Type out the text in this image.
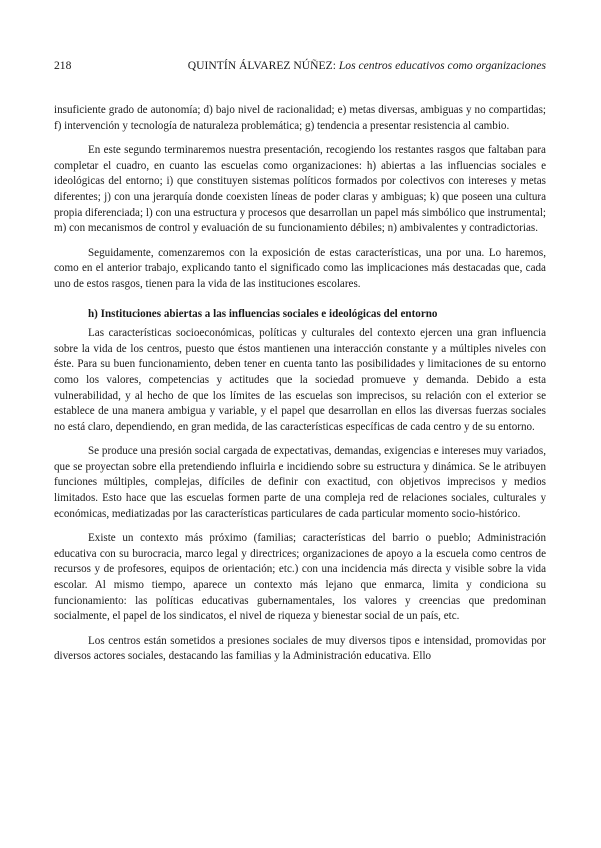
218	QUINTÍN ÁLVAREZ NÚÑEZ: Los centros educativos como organizaciones

insuficiente grado de autonomía; d) bajo nivel de racionalidad; e) metas diversas, ambiguas y no compartidas; f) intervención y tecnología de naturaleza problemática; g) tendencia a presentar resistencia al cambio.

En este segundo terminaremos nuestra presentación, recogiendo los restantes rasgos que faltaban para completar el cuadro, en cuanto las escuelas como organizaciones: h) abiertas a las influencias sociales e ideológicas del entorno; i) que constituyen sistemas políticos formados por colectivos con intereses y metas diferentes; j) con una jerarquía donde coexisten líneas de poder claras y ambiguas; k) que poseen una cultura propia diferenciada; l) con una estructura y procesos que desarrollan un papel más simbólico que instrumental; m) con mecanismos de control y evaluación de su funcionamiento débiles; n) ambivalentes y contradictorias.

Seguidamente, comenzaremos con la exposición de estas características, una por una. Lo haremos, como en el anterior trabajo, explicando tanto el significado como las implicaciones más destacadas que, cada uno de estos rasgos, tienen para la vida de las instituciones escolares.

h) Instituciones abiertas a las influencias sociales e ideológicas del entorno

Las características socioeconómicas, políticas y culturales del contexto ejercen una gran influencia sobre la vida de los centros, puesto que éstos mantienen una interacción constante y a múltiples niveles con éste. Para su buen funcionamiento, deben tener en cuenta tanto las posibilidades y limitaciones de su entorno como los valores, competencias y actitudes que la sociedad promueve y demanda. Debido a esta vulnerabilidad, y al hecho de que los límites de las escuelas son imprecisos, su relación con el exterior se establece de una manera ambigua y variable, y el papel que desarrollan en ellos las diversas fuerzas sociales no está claro, dependiendo, en gran medida, de las características específicas de cada centro y de su entorno.

Se produce una presión social cargada de expectativas, demandas, exigencias e intereses muy variados, que se proyectan sobre ella pretendiendo influirla e incidiendo sobre su estructura y dinámica. Se le atribuyen funciones múltiples, complejas, difíciles de definir con exactitud, con objetivos imprecisos y medios limitados. Esto hace que las escuelas formen parte de una compleja red de relaciones sociales, culturales y económicas, mediatizadas por las características particulares de cada particular momento socio-histórico.

Existe un contexto más próximo (familias; características del barrio o pueblo; Administración educativa con su burocracia, marco legal y directrices; organizaciones de apoyo a la escuela como centros de recursos y de profesores, equipos de orientación; etc.) con una incidencia más directa y visible sobre la vida escolar. Al mismo tiempo, aparece un contexto más lejano que enmarca, limita y condiciona su funcionamiento: las políticas educativas gubernamentales, los valores y creencias que predominan socialmente, el papel de los sindicatos, el nivel de riqueza y bienestar social de un país, etc.

Los centros están sometidos a presiones sociales de muy diversos tipos e intensidad, promovidas por diversos actores sociales, destacando las familias y la Administración educativa. Ello
